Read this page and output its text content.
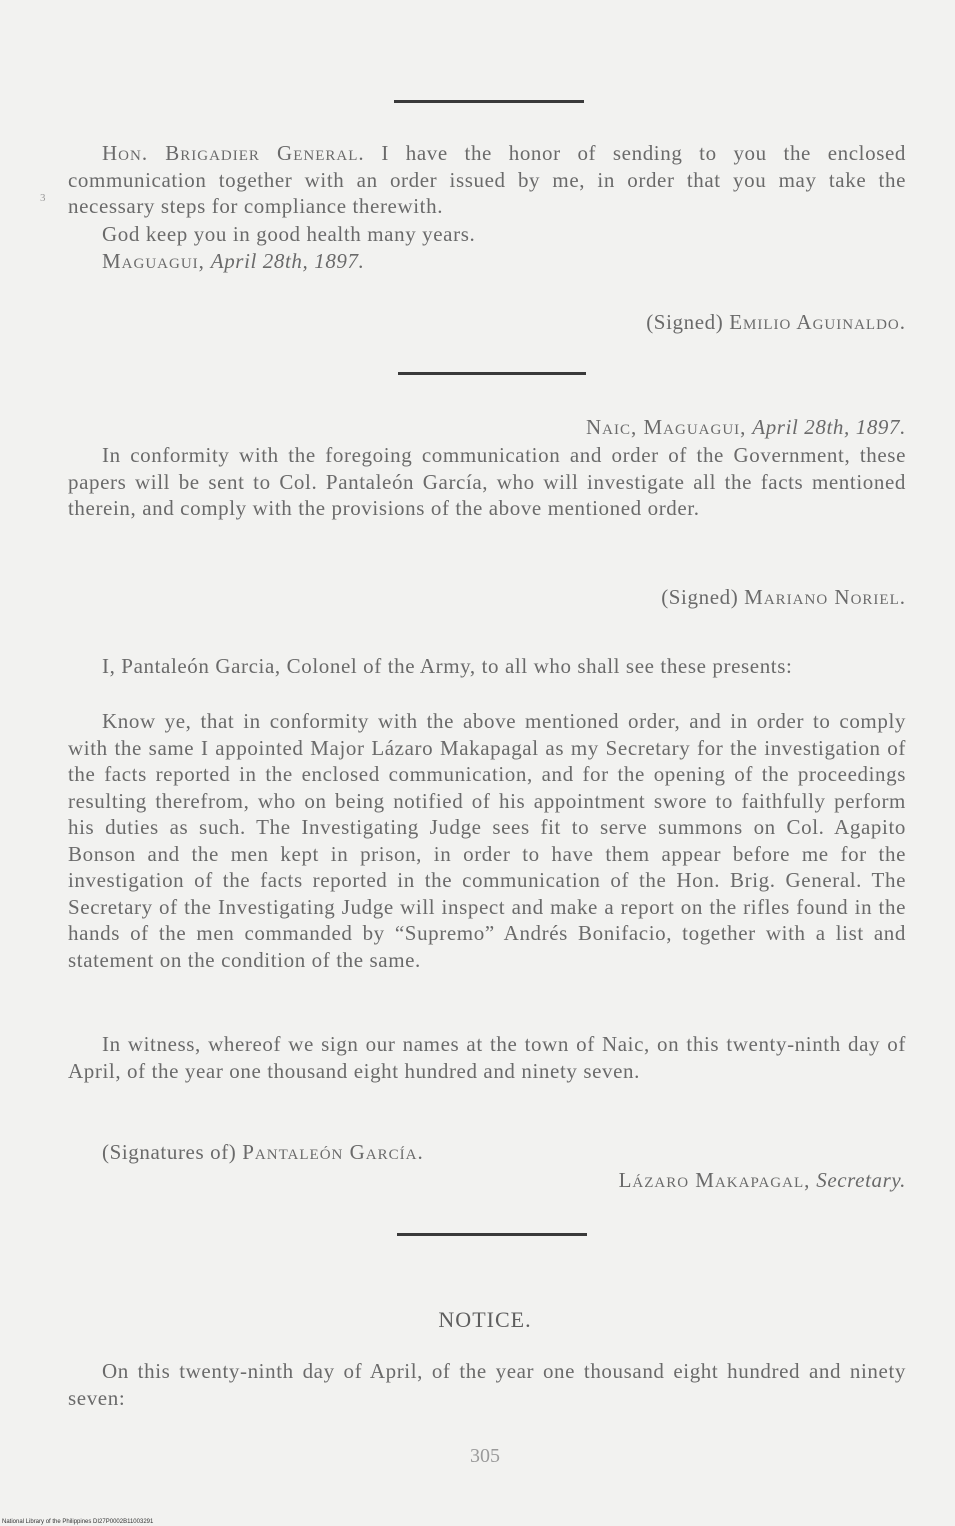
3
Hon. Brigadier General. I have the honor of sending to you the enclosed communication together with an order issued by me, in order that you may take the necessary steps for compliance therewith.
God keep you in good health many years.
Maguagui, April 28th, 1897.
(Signed) Emilio Aguinaldo.
Naic, Maguagui, April 28th, 1897.
In conformity with the foregoing communication and order of the Government, these papers will be sent to Col. Pantaleón García, who will investigate all the facts mentioned therein, and comply with the provisions of the above mentioned order.
(Signed) Mariano Noriel.
I, Pantaleón Garcia, Colonel of the Army, to all who shall see these presents:
Know ye, that in conformity with the above mentioned order, and in order to comply with the same I appointed Major Lázaro Makapagal as my Secretary for the investigation of the facts reported in the enclosed communication, and for the opening of the proceedings resulting therefrom, who on being notified of his appointment swore to faithfully perform his duties as such. The Investigating Judge sees fit to serve summons on Col. Agapito Bonson and the men kept in prison, in order to have them appear before me for the investigation of the facts reported in the communication of the Hon. Brig. General. The Secretary of the Investigating Judge will inspect and make a report on the rifles found in the hands of the men commanded by “Supremo” Andrés Bonifacio, together with a list and statement on the condition of the same.
In witness, whereof we sign our names at the town of Naic, on this twenty-ninth day of April, of the year one thousand eight hundred and ninety seven.
(Signatures of) Pantaleón García.
Lázaro Makapagal, Secretary.
NOTICE.
On this twenty-ninth day of April, of the year one thousand eight hundred and ninety seven:
305
National Library of the Philippines DI27P0002B11003291
